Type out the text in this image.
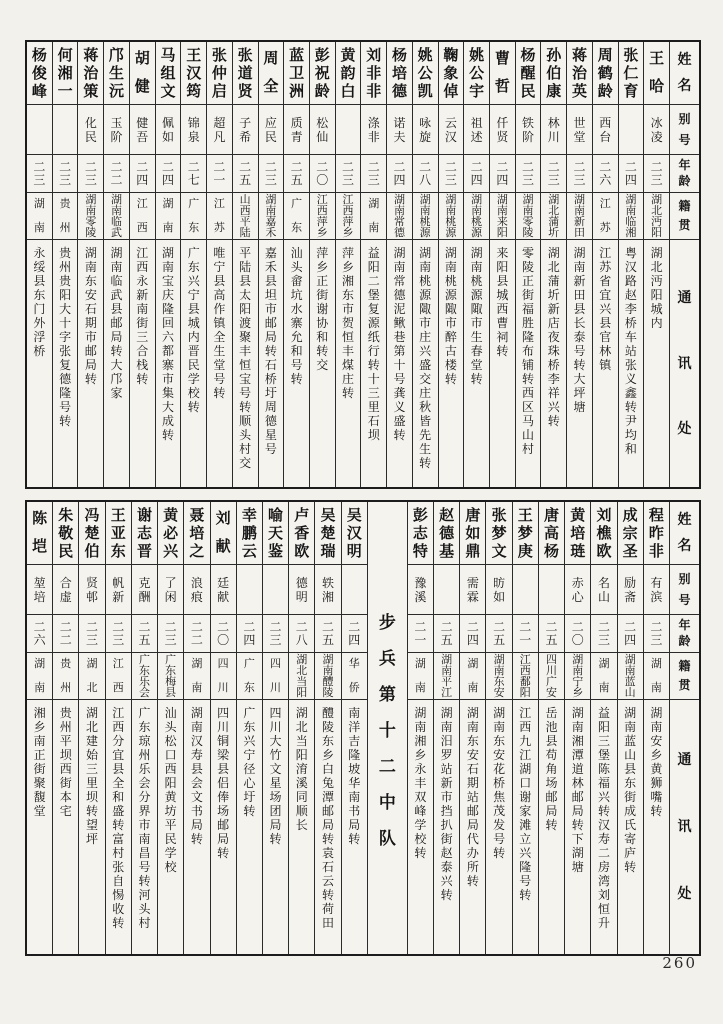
姓
名
别
号
年
龄
籍
贯
通
讯
处
王
哈
冰
凌
二
三
湖
北
沔
阳
湖
北
沔
阳
城
内
张
仁
育
二
四
湖
南
临
湘
粤
汉
路
赵
李
桥
车
站
张
义
鑫
转
尹
均
和
周
鹤
龄
西
台
二
六
江
苏
江
苏
省
宜
兴
县
官
林
镇
蒋
治
英
世
堂
二
三
湖
南
新
田
湖
南
新
田
县
长
泰
号
转
大
坪
塘
孙
伯
康
林
川
二
三
湖
北
蒲
圻
湖
北
蒲
圻
新
店
夜
珠
桥
李
祥
兴
转
杨
醒
民
铁
阶
二
三
湖
南
零
陵
零
陵
正
街
福
胜
隆
布
铺
转
西
区
马
山
村
曹
哲
仟
贤
二
四
湖
南
来
阳
来
阳
县
城
西
曹
祠
转
姚
公
宇
祖
述
二
四
湖
南
桃
源
湖
南
桃
源
陬
市
生
春
堂
转
鞠
象
倬
云
汉
二
三
湖
南
桃
源
湖
南
桃
源
陬
市
醉
古
楼
转
姚
公
凯
咏
旋
二
八
湖
南
桃
源
湖
南
桃
源
陬
市
庄
兴
盛
交
庄
秋
皆
先
生
转
杨
培
德
诺
夫
二
四
湖
南
常
德
湖
南
常
德
泥
鳅
巷
第
十
号
龚
义
盛
转
刘
非
非
涤
非
二
三
湖
南
益
阳
二
堡
复
源
纸
行
转
十
三
里
石
坝
黄
韵
白
二
三
江
西
萍
乡
萍
乡
湘
东
市
贺
恒
丰
煤
庄
转
彭
祝
龄
松
仙
二
〇
江
西
萍
乡
萍
乡
正
街
谢
协
和
转
交
蓝
卫
洲
质
青
二
五
广
东
汕
头
畲
坑
水
寨
允
和
号
转
周
全
应
民
二
三
湖
南
嘉
禾
嘉
禾
县
坦
市
邮
局
转
石
桥
圩
周
德
星
号
张
道
贤
子
希
二
五
山
西
平
陆
平
陆
县
太
阳
渡
聚
丰
恒
宝
号
转
顺
头
村
交
张
仲
启
超
凡
二
一
江
苏
唯
宁
县
高
作
镇
全
生
堂
号
转
王
汉
筠
锦
泉
二
七
广
东
广
东
兴
宁
县
城
内
晋
民
学
校
转
马
组
文
佩
如
二
四
湖
南
湖
南
宝
庆
隆
回
六
都
寨
市
集
大
成
转
胡
健
健
吾
二
四
江
西
江
西
永
新
南
街
三
合
栈
转
邝
生
沅
玉
阶
二
二
湖
南
临
武
湖
南
临
武
县
邮
局
转
大
邝
家
蒋
治
策
化
民
二
三
湖
南
零
陵
湖
南
东
安
石
期
市
邮
局
转
何
湘
一
二
三
贵
州
贵
州
贵
阳
大
十
字
张
复
德
隆
号
转
杨
俊
峰
二
三
湖
南
永
绥
县
东
门
外
浮
桥
姓
名
别
号
年
龄
籍
贯
通
讯
处
程
昨
非
有
滨
二
三
湖
南
湖
南
安
乡
黄
狮
嘴
转
成
宗
圣
励
斋
二
四
湖
南
蓝
山
湖
南
蓝
山
县
东
街
成
氏
寄
庐
转
刘
樵
欧
名
山
二
三
湖
南
益
阳
三
堡
陈
福
兴
转
汉
寿
二
房
湾
刘
恒
升
黄
培
琏
赤
心
二
〇
湖
南
宁
乡
湖
南
湘
潭
道
林
邮
局
转
下
湖
塘
唐
高
杨
二
五
四
川
广
安
岳
池
县
苟
角
场
邮
局
转
王
梦
庚
二
一
江
西
鄱
阳
江
西
九
江
湖
口
谢
家
滩
立
兴
隆
号
转
张
梦
文
昉
如
二
五
湖
南
东
安
湖
南
东
安
花
桥
焦
茂
发
号
转
唐
如
鼎
需
霖
二
四
湖
南
湖
南
东
安
石
期
站
邮
局
代
办
所
转
赵
德
基
二
五
湖
南
平
江
湖
南
汨
罗
站
新
市
挡
扒
街
赵
泰
兴
转
彭
志
特
豫
溪
二
一
湖
南
湖
南
湘
乡
永
丰
双
峰
学
校
转
步
兵
第
十
二
中
队
吴
汉
明
二
四
华
侨
南
洋
吉
隆
坡
华
南
书
局
转
吴
楚
瑞
轶
湘
二
五
湖
南
醴
陵
醴
陵
东
乡
白
兔
潭
邮
局
转
袁
石
云
转
荷
田
卢
香
欧
德
明
二
八
湖
北
当
阳
湖
北
当
阳
淯
溪
同
顺
长
喻
天
鉴
二
三
四
川
四
川
大
竹
文
星
场
团
局
转
幸
鹏
云
二
四
广
东
广
东
兴
宁
径
心
圩
转
刘
献
廷
献
二
〇
四
川
四
川
铜
梁
县
侣
俸
场
邮
局
转
聂
培
之
浪
痕
二
二
湖
南
湖
南
汉
寿
县
会
文
书
局
转
黄
必
兴
了
闲
二
三
广
东
梅
县
汕
头
松
口
西
阳
黄
坊
平
民
学
校
谢
志
晋
克
酬
二
五
广
东
乐
会
广
东
琼
州
乐
会
分
界
市
南
昌
号
转
河
头
村
王
亚
东
帆
新
二
三
江
西
江
西
分
宜
县
全
和
盛
转
富
村
张
自
惕
收
转
冯
楚
伯
贤
邨
二
三
湖
北
湖
北
建
始
三
里
坝
转
望
坪
朱
敬
民
合
虚
二
二
贵
州
贵
州
平
坝
西
街
本
宅
陈
垲
堃
培
二
六
湖
南
湘
乡
南
正
街
聚
馥
堂
260
